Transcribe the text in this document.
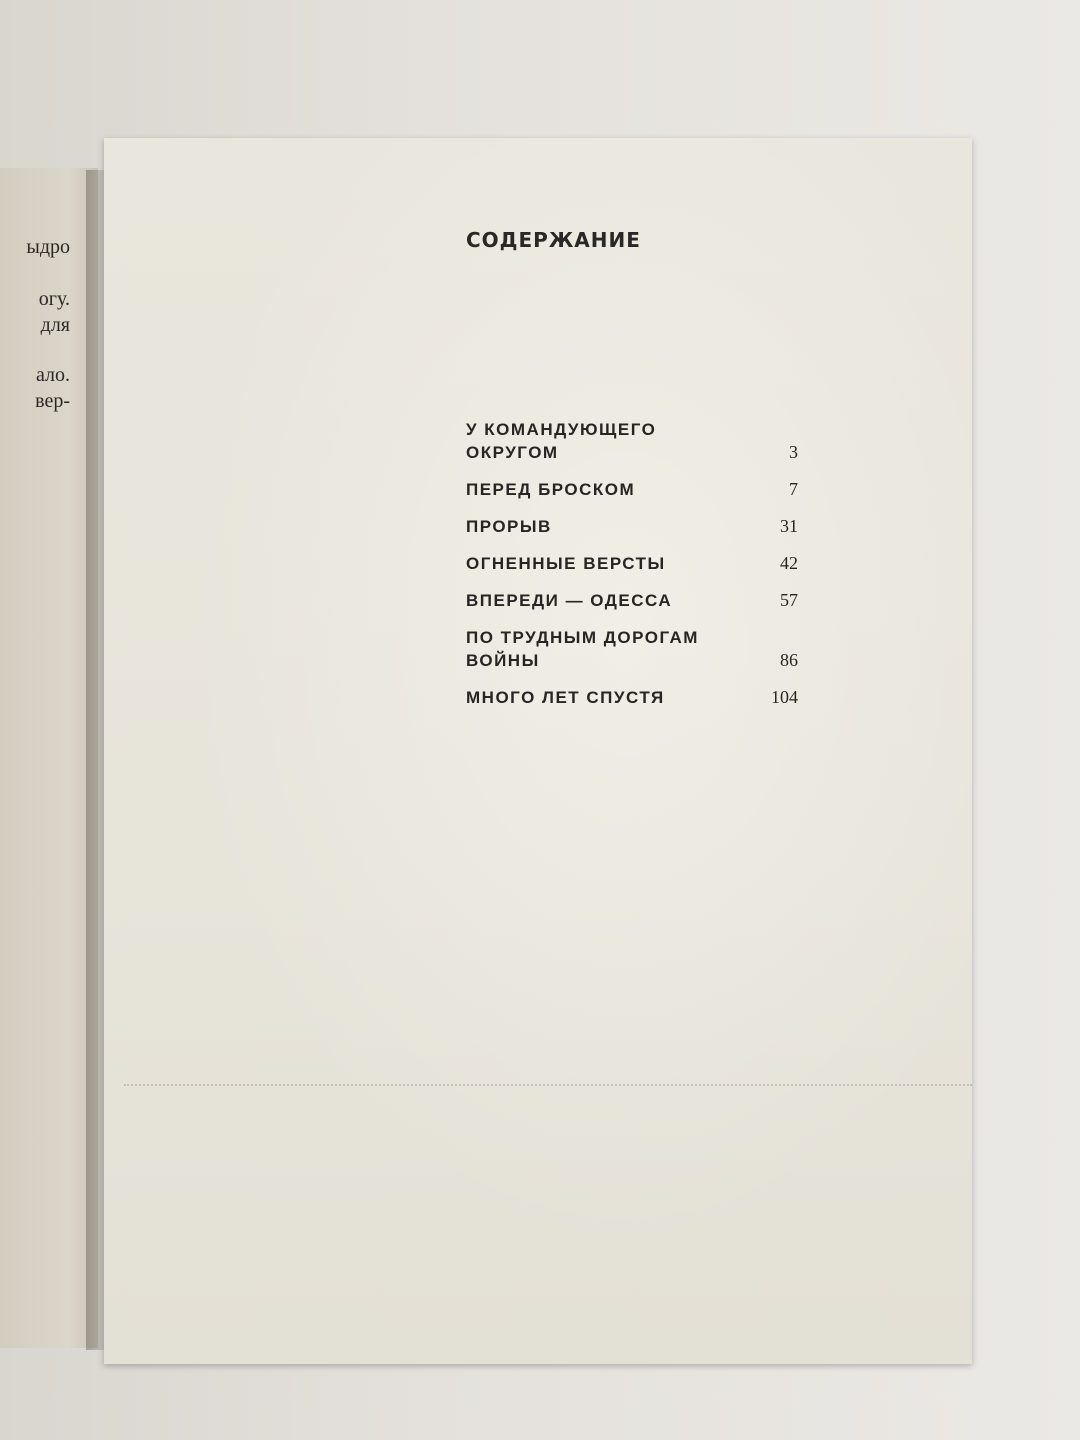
ыдро

огу.

для

ало.

вер-

СОДЕРЖАНИЕ
У КОМАНДУЮЩЕГО ОКРУГОМ	3
ПЕРЕД БРОСКОМ	7
ПРОРЫВ	31
ОГНЕННЫЕ ВЕРСТЫ	42
ВПЕРЕДИ — ОДЕССА	57
ПО ТРУДНЫМ ДОРОГАМ ВОЙНЫ	86
МНОГО ЛЕТ СПУСТЯ	104
